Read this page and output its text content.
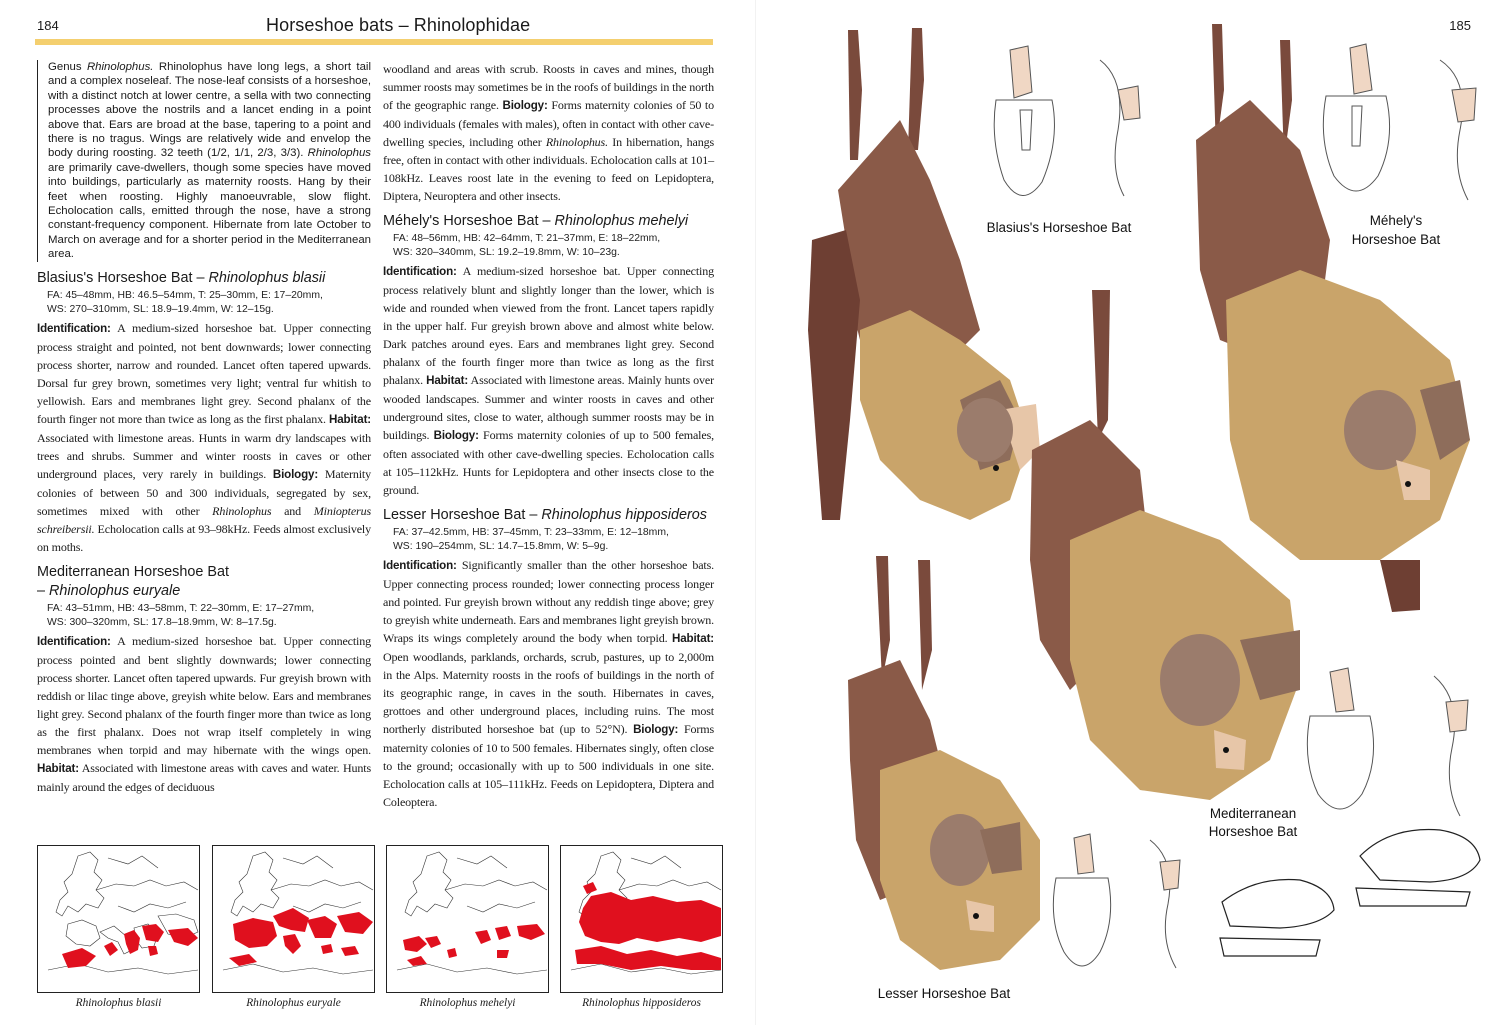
184	Horseshoe bats – Rhinolophidae
Genus Rhinolophus. Rhinolophus have long legs, a short tail and a complex noseleaf. The nose-leaf consists of a horseshoe, with a distinct notch at lower centre, a sella with two connecting processes above the nostrils and a lancet ending in a point above that. Ears are broad at the base, tapering to a point and there is no tragus. Wings are relatively wide and envelop the body during roosting. 32 teeth (1/2, 1/1, 2/3, 3/3). Rhinolophus are primarily cave-dwellers, though some species have moved into buildings, particularly as maternity roosts. Hang by their feet when roosting. Highly manoeuvrable, slow flight. Echolocation calls, emitted through the nose, have a strong constant-frequency component. Hibernate from late October to March on average and for a shorter period in the Mediterranean area.
Blasius's Horseshoe Bat – Rhinolophus blasii
FA: 45–48mm, HB: 46.5–54mm, T: 25–30mm, E: 17–20mm,
WS: 270–310mm, SL: 18.9–19.4mm, W: 12–15g.
Identification: A medium-sized horseshoe bat. Upper connecting process straight and pointed, not bent downwards; lower connecting process shorter, narrow and rounded. Lancet often tapered upwards. Dorsal fur grey brown, sometimes very light; ventral fur whitish to yellowish. Ears and membranes light grey. Second phalanx of the fourth finger not more than twice as long as the first phalanx. Habitat: Associated with limestone areas. Hunts in warm dry landscapes with trees and shrubs. Summer and winter roosts in caves or other underground places, very rarely in buildings. Biology: Maternity colonies of between 50 and 300 individuals, segregated by sex, sometimes mixed with other Rhinolophus and Miniopterus schreibersii. Echolocation calls at 93–98kHz. Feeds almost exclusively on moths.
Mediterranean Horseshoe Bat
– Rhinolophus euryale
FA: 43–51mm, HB: 43–58mm, T: 22–30mm, E: 17–27mm,
WS: 300–320mm, SL: 17.8–18.9mm, W: 8–17.5g.
Identification: A medium-sized horseshoe bat. Upper connecting process pointed and bent slightly downwards; lower connecting process shorter. Lancet often tapered upwards. Fur greyish brown with reddish or lilac tinge above, greyish white below. Ears and membranes light grey. Second phalanx of the fourth finger more than twice as long as the first phalanx. Does not wrap itself completely in wing membranes when torpid and may hibernate with the wings open. Habitat: Associated with limestone areas with caves and water. Hunts mainly around the edges of deciduous
woodland and areas with scrub. Roosts in caves and mines, though summer roosts may sometimes be in the roofs of buildings in the north of the geographic range. Biology: Forms maternity colonies of 50 to 400 individuals (females with males), often in contact with other cave-dwelling species, including other Rhinolophus. In hibernation, hangs free, often in contact with other individuals. Echolocation calls at 101–108kHz. Leaves roost late in the evening to feed on Lepidoptera, Diptera, Neuroptera and other insects.
Méhely's Horseshoe Bat – Rhinolophus mehelyi
FA: 48–56mm, HB: 42–64mm, T: 21–37mm, E: 18–22mm,
WS: 320–340mm, SL: 19.2–19.8mm, W: 10–23g.
Identification: A medium-sized horseshoe bat. Upper connecting process relatively blunt and slightly longer than the lower, which is wide and rounded when viewed from the front. Lancet tapers rapidly in the upper half. Fur greyish brown above and almost white below. Dark patches around eyes. Ears and membranes light grey. Second phalanx of the fourth finger more than twice as long as the first phalanx. Habitat: Associated with limestone areas. Mainly hunts over wooded landscapes. Summer and winter roosts in caves and other underground sites, close to water, although summer roosts may be in buildings. Biology: Forms maternity colonies of up to 500 females, often associated with other cave-dwelling species. Echolocation calls at 105–112kHz. Hunts for Lepidoptera and other insects close to the ground.
Lesser Horseshoe Bat – Rhinolophus hipposideros
FA: 37–42.5mm, HB: 37–45mm, T: 23–33mm, E: 12–18mm,
WS: 190–254mm, SL: 14.7–15.8mm, W: 5–9g.
Identification: Significantly smaller than the other horseshoe bats. Upper connecting process rounded; lower connecting process longer and pointed. Fur greyish brown without any reddish tinge above; grey to greyish white underneath. Ears and membranes light greyish brown. Wraps its wings completely around the body when torpid. Habitat: Open woodlands, parklands, orchards, scrub, pastures, up to 2,000m in the Alps. Maternity roosts in the roofs of buildings in the north of its geographic range, in caves in the south. Hibernates in caves, grottoes and other underground places, including ruins. The most northerly distributed horseshoe bat (up to 52°N). Biology: Forms maternity colonies of 10 to 500 females. Hibernates singly, often close to the ground; occasionally with up to 500 individuals in one site. Echolocation calls at 105–111kHz. Feeds on Lepidoptera, Diptera and Coleoptera.
Rhinolophus blasii	Rhinolophus euryale	Rhinolophus mehelyi	Rhinolophus hipposideros
185
Blasius's Horseshoe Bat	Méhely's
Horseshoe Bat
Mediterranean
Horseshoe Bat
Lesser Horseshoe Bat
